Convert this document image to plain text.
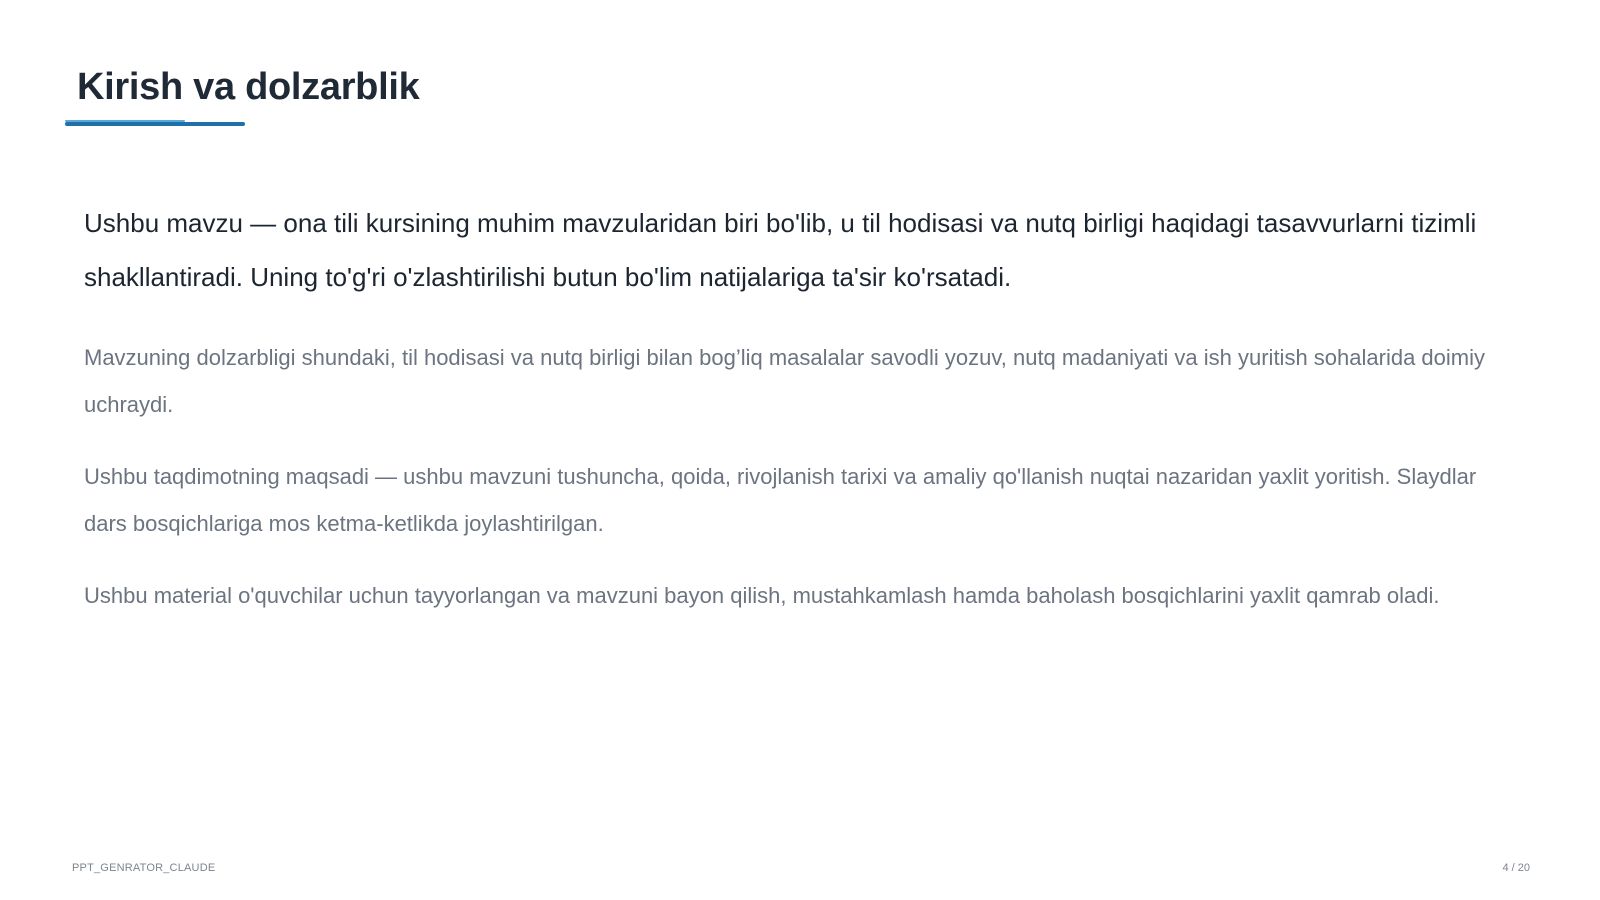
Kirish va dolzarblik

Ushbu mavzu — ona tili kursining muhim mavzularidan biri bo'lib, u til hodisasi va nutq birligi haqidagi tasavvurlarni tizimli shakllantiradi. Uning to'g'ri o'zlashtirilishi butun bo'lim natijalariga ta'sir ko'rsatadi.

Mavzuning dolzarbligi shundaki, til hodisasi va nutq birligi bilan bog’liq masalalar savodli yozuv, nutq madaniyati va ish yuritish sohalarida doimiy uchraydi.

Ushbu taqdimotning maqsadi — ushbu mavzuni tushuncha, qoida, rivojlanish tarixi va amaliy qo'llanish nuqtai nazaridan yaxlit yoritish. Slaydlar dars bosqichlariga mos ketma-ketlikda joylashtirilgan.

Ushbu material o'quvchilar uchun tayyorlangan va mavzuni bayon qilish, mustahkamlash hamda baholash bosqichlarini yaxlit qamrab oladi.

PPT_GENRATOR_CLAUDE	4 / 20
